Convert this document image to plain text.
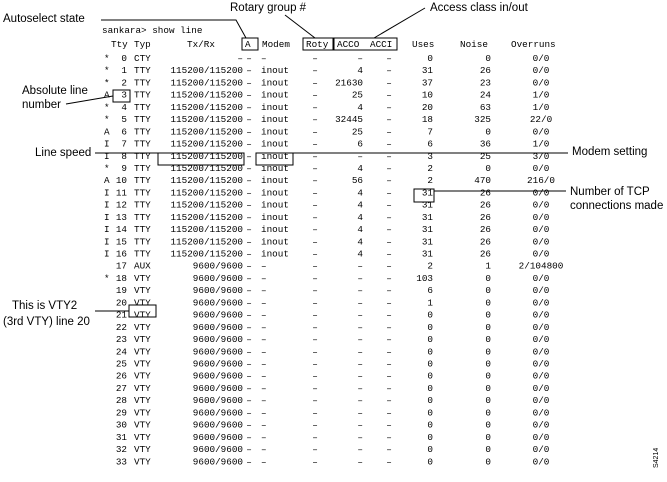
sankara> show line
Tty Typ	Tx/Rx	A Modem Roty ACCO ACCI Uses	Noise Overruns
* 0 CTY	– – –	–	– –	0	0	0/0
* 1 TTY 115200/115200 – inout	–	4 –	31	26	0/0
* 2 TTY 115200/115200 – inout	– 21630 –	37	23	0/0
A 3 TTY 115200/115200 – inout	–	25 –	10	24	1/0
* 4 TTY 115200/115200 – inout	–	4 –	20	63	1/0
* 5 TTY 115200/115200 – inout	– 32445 –	18	325	22/0
A 6 TTY 115200/115200 – inout	–	25 –	7	0	0/0
I 7 TTY 115200/115200 – inout	–	6 –	6	36	1/0
I 8 TTY 115200/115200 – inout	–	– –	3	25	3/0
* 9 TTY 115200/115200 – inout	–	4 –	2	0	0/0
A 10 TTY 115200/115200 – inout	–	56 –	2	470	216/0
I 11 TTY 115200/115200 – inout	–	4 –	31	26	0/0
I 12 TTY 115200/115200 – inout	–	4 –	31	26	0/0
I 13 TTY 115200/115200 – inout	–	4 –	31	26	0/0
I 14 TTY 115200/115200 – inout	–	4 –	31	26	0/0
I 15 TTY 115200/115200 – inout	–	4 –	31	26	0/0
I 16 TTY 115200/115200 – inout	–	4 –	31	26	0/0
17 AUX	9600/9600 – –	–	– –	2	1	2/104800
* 18 VTY	9600/9600 – –	–	– –	103	0	0/0
19 VTY	9600/9600 – –	–	– –	6	0	0/0
20 VTY	9600/9600 – –	–	– –	1	0	0/0
21 VTY	9600/9600 – –	–	– –	0	0	0/0
22 VTY	9600/9600 – –	–	– –	0	0	0/0
23 VTY	9600/9600 – –	–	– –	0	0	0/0
24 VTY	9600/9600 – –	–	– –	0	0	0/0
25 VTY	9600/9600 – –	–	– –	0	0	0/0
26 VTY	9600/9600 – –	–	– –	0	0	0/0
27 VTY	9600/9600 – –	–	– –	0	0	0/0
28 VTY	9600/9600 – –	–	– –	0	0	0/0
29 VTY	9600/9600 – –	–	– –	0	0	0/0
30 VTY	9600/9600 – –	–	– –	0	0	0/0
31 VTY	9600/9600 – –	–	– –	0	0	0/0
32 VTY	9600/9600 – –	–	– –	0	0	0/0
33 VTY	9600/9600 – –	–	– –	0	0	0/0
Autoselect state
Rotary group #	Access class in/out
Absolute line
number
Line speed	Modem setting
Number of TCP
connections made
This is VTY2
(3rd VTY) line 20
S4214
